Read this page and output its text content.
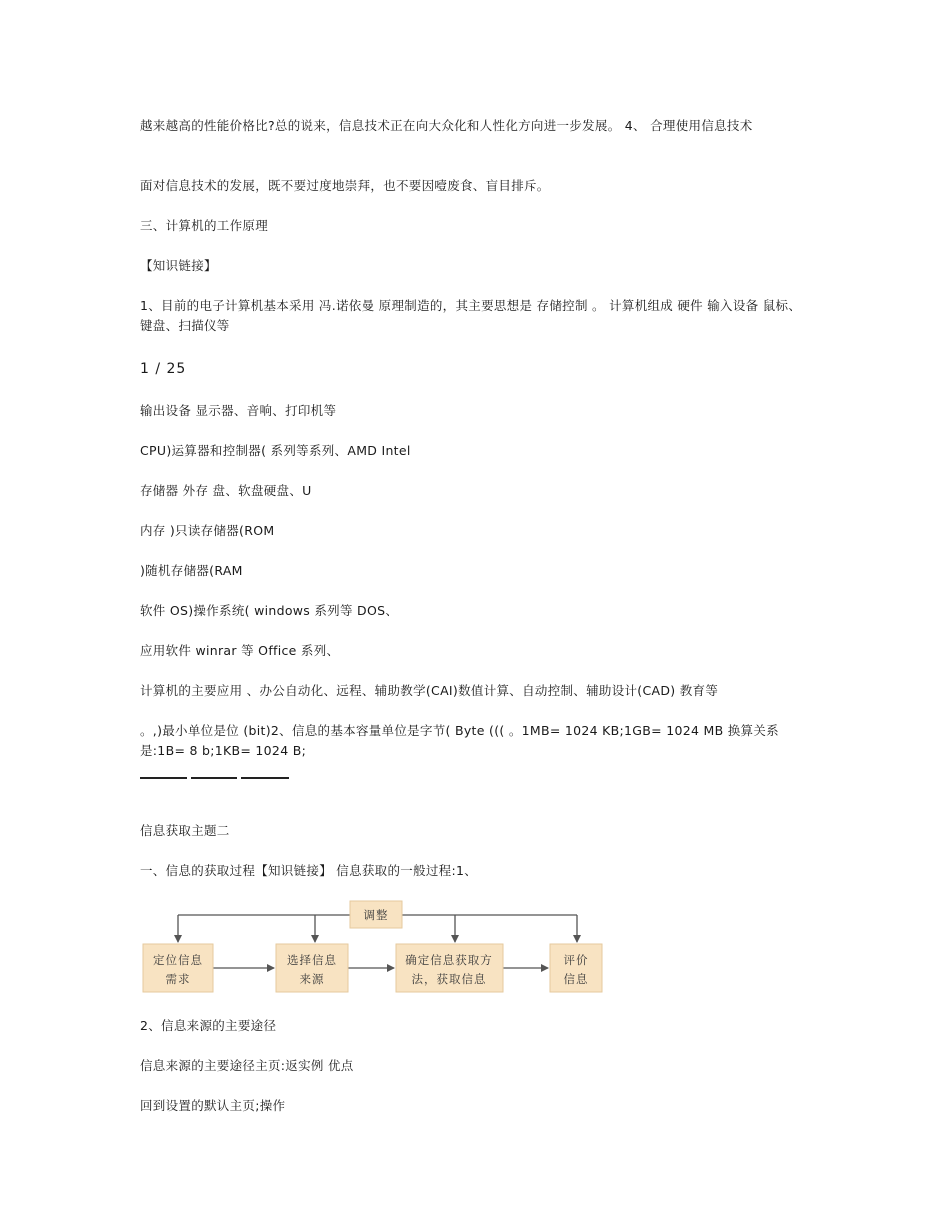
越来越高的性能价格比?总的说来，信息技术正在向大众化和人性化方向进一步发展。 4、 合理使用信息技术

面对信息技术的发展，既不要过度地崇拜，也不要因噎废食、盲目排斥。

三、计算机的工作原理

【知识链接】

1、目前的电子计算机基本采用 冯.诺依曼 原理制造的，其主要思想是 存储控制 。 计算机组成 硬件 输入设备 鼠标、键盘、扫描仪等

1 / 25

输出设备 显示器、音响、打印机等

CPU)运算器和控制器( 系列等系列、AMD Intel

存储器 外存 盘、软盘硬盘、U

内存 )只读存储器(ROM

)随机存储器(RAM

软件 OS)操作系统( windows 系列等 DOS、

应用软件 winrar 等 Office 系列、

计算机的主要应用 、办公自动化、远程、辅助教学(CAI)数值计算、自动控制、辅助设计(CAD) 教育等

。,)最小单位是位 (bit)2、信息的基本容量单位是字节( Byte ((( 。1MB= 1024 KB;1GB= 1024 MB 换算关系是:1B= 8 b;1KB= 1024 B;

信息获取主题二

一、信息的获取过程【知识链接】 信息获取的一般过程:1、

调整
定位信息
需求
选择信息
来源
确定信息获取方
法，获取信息
评价
信息

2、信息来源的主要途径

信息来源的主要途径主页:返实例 优点

回到设置的默认主页;操作
